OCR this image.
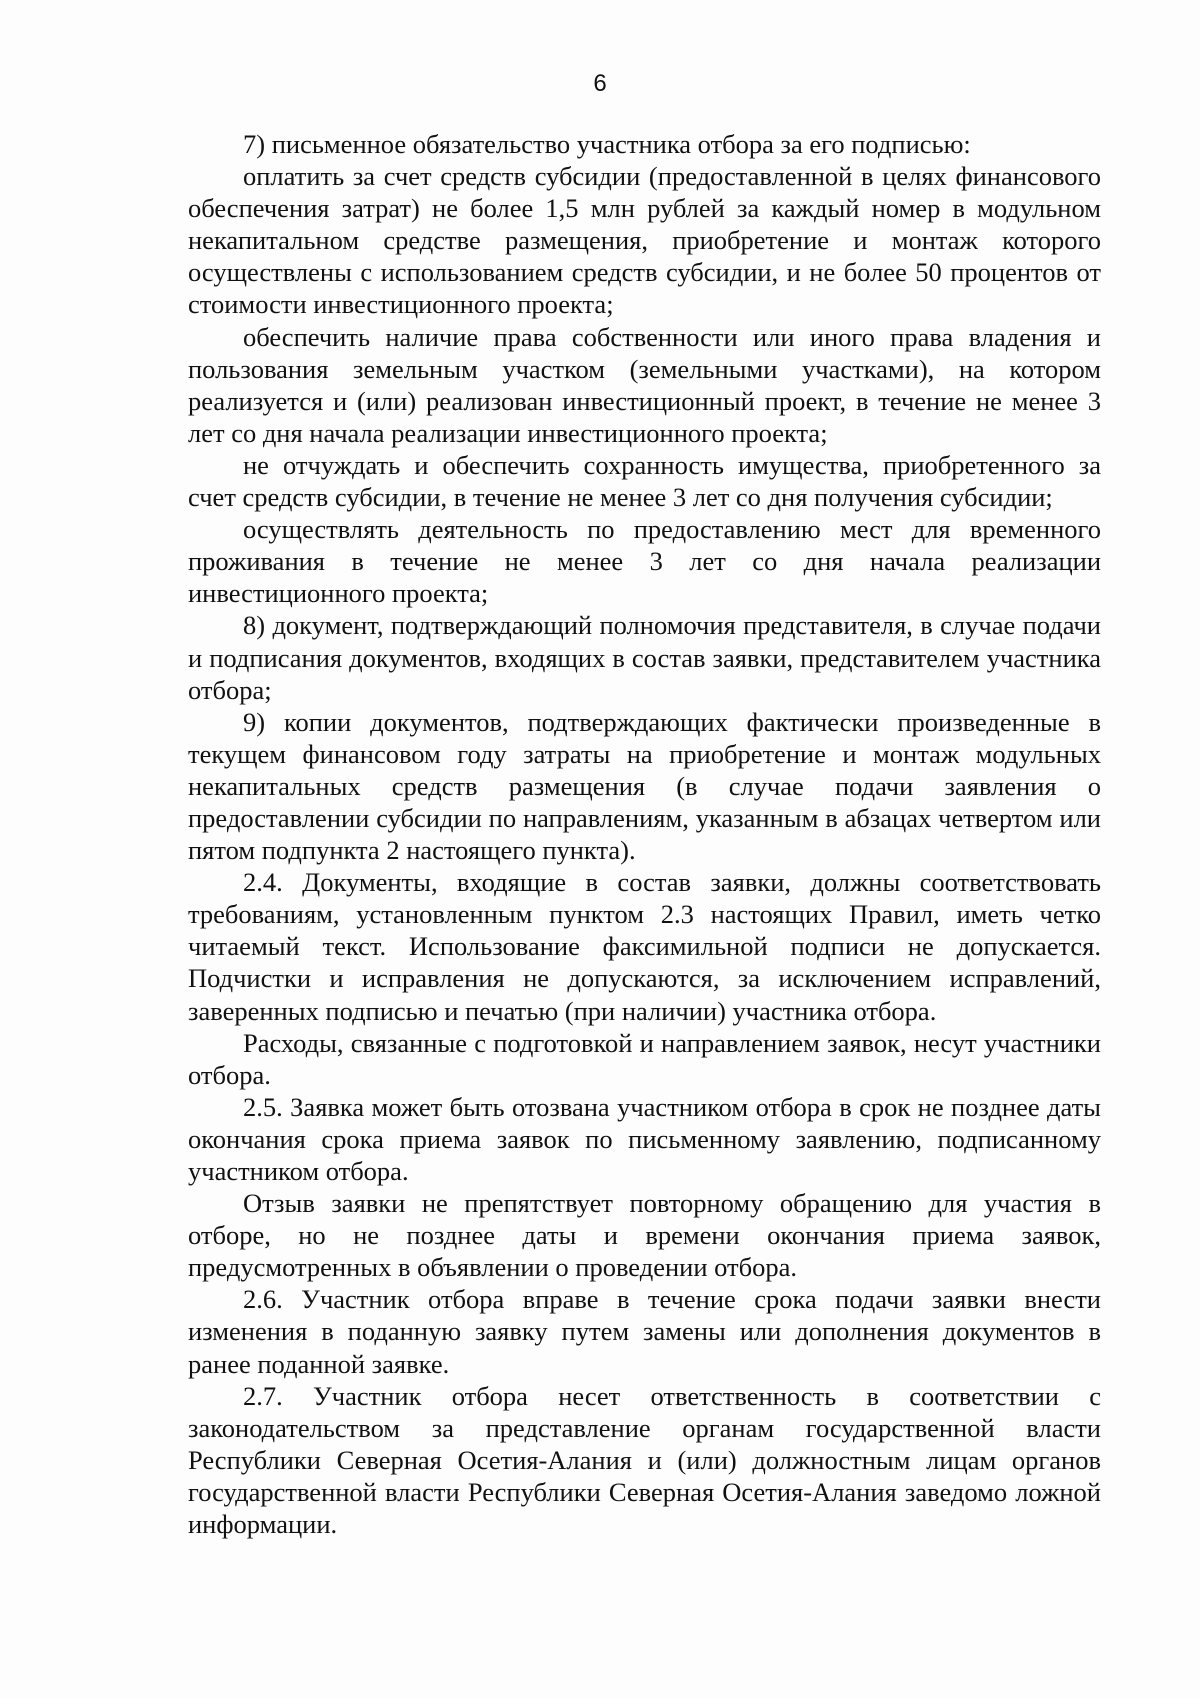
6

7) письменное обязательство участника отбора за его подписью:

оплатить за счет средств субсидии (предоставленной в целях финансового обеспечения затрат) не более 1,5 млн рублей за каждый номер в модульном некапитальном средстве размещения, приобретение и монтаж которого осуществлены с использованием средств субсидии, и не более 50 процентов от стоимости инвестиционного проекта;

обеспечить наличие права собственности или иного права владения и пользования земельным участком (земельными участками), на котором реализуется и (или) реализован инвестиционный проект, в течение не менее 3 лет со дня начала реализации инвестиционного проекта;

не отчуждать и обеспечить сохранность имущества, приобретенного за счет средств субсидии, в течение не менее 3 лет со дня получения субсидии;

осуществлять деятельность по предоставлению мест для временного проживания в течение не менее 3 лет со дня начала реализации инвестиционного проекта;

8) документ, подтверждающий полномочия представителя, в случае подачи и подписания документов, входящих в состав заявки, представителем участника отбора;

9) копии документов, подтверждающих фактически произведенные в текущем финансовом году затраты на приобретение и монтаж модульных некапитальных средств размещения (в случае подачи заявления о предоставлении субсидии по направлениям, указанным в абзацах четвертом или пятом подпункта 2 настоящего пункта).

2.4. Документы, входящие в состав заявки, должны соответствовать требованиям, установленным пунктом 2.3 настоящих Правил, иметь четко читаемый текст. Использование факсимильной подписи не допускается. Подчистки и исправления не допускаются, за исключением исправлений, заверенных подписью и печатью (при наличии) участника отбора.

Расходы, связанные с подготовкой и направлением заявок, несут участники отбора.

2.5. Заявка может быть отозвана участником отбора в срок не позднее даты окончания срока приема заявок по письменному заявлению, подписанному участником отбора.

Отзыв заявки не препятствует повторному обращению для участия в отборе, но не позднее даты и времени окончания приема заявок, предусмотренных в объявлении о проведении отбора.

2.6. Участник отбора вправе в течение срока подачи заявки внести изменения в поданную заявку путем замены или дополнения документов в ранее поданной заявке.

2.7. Участник отбора несет ответственность в соответствии с законодательством за представление органам государственной власти Республики Северная Осетия-Алания и (или) должностным лицам органов государственной власти Республики Северная Осетия-Алания заведомо ложной информации.
